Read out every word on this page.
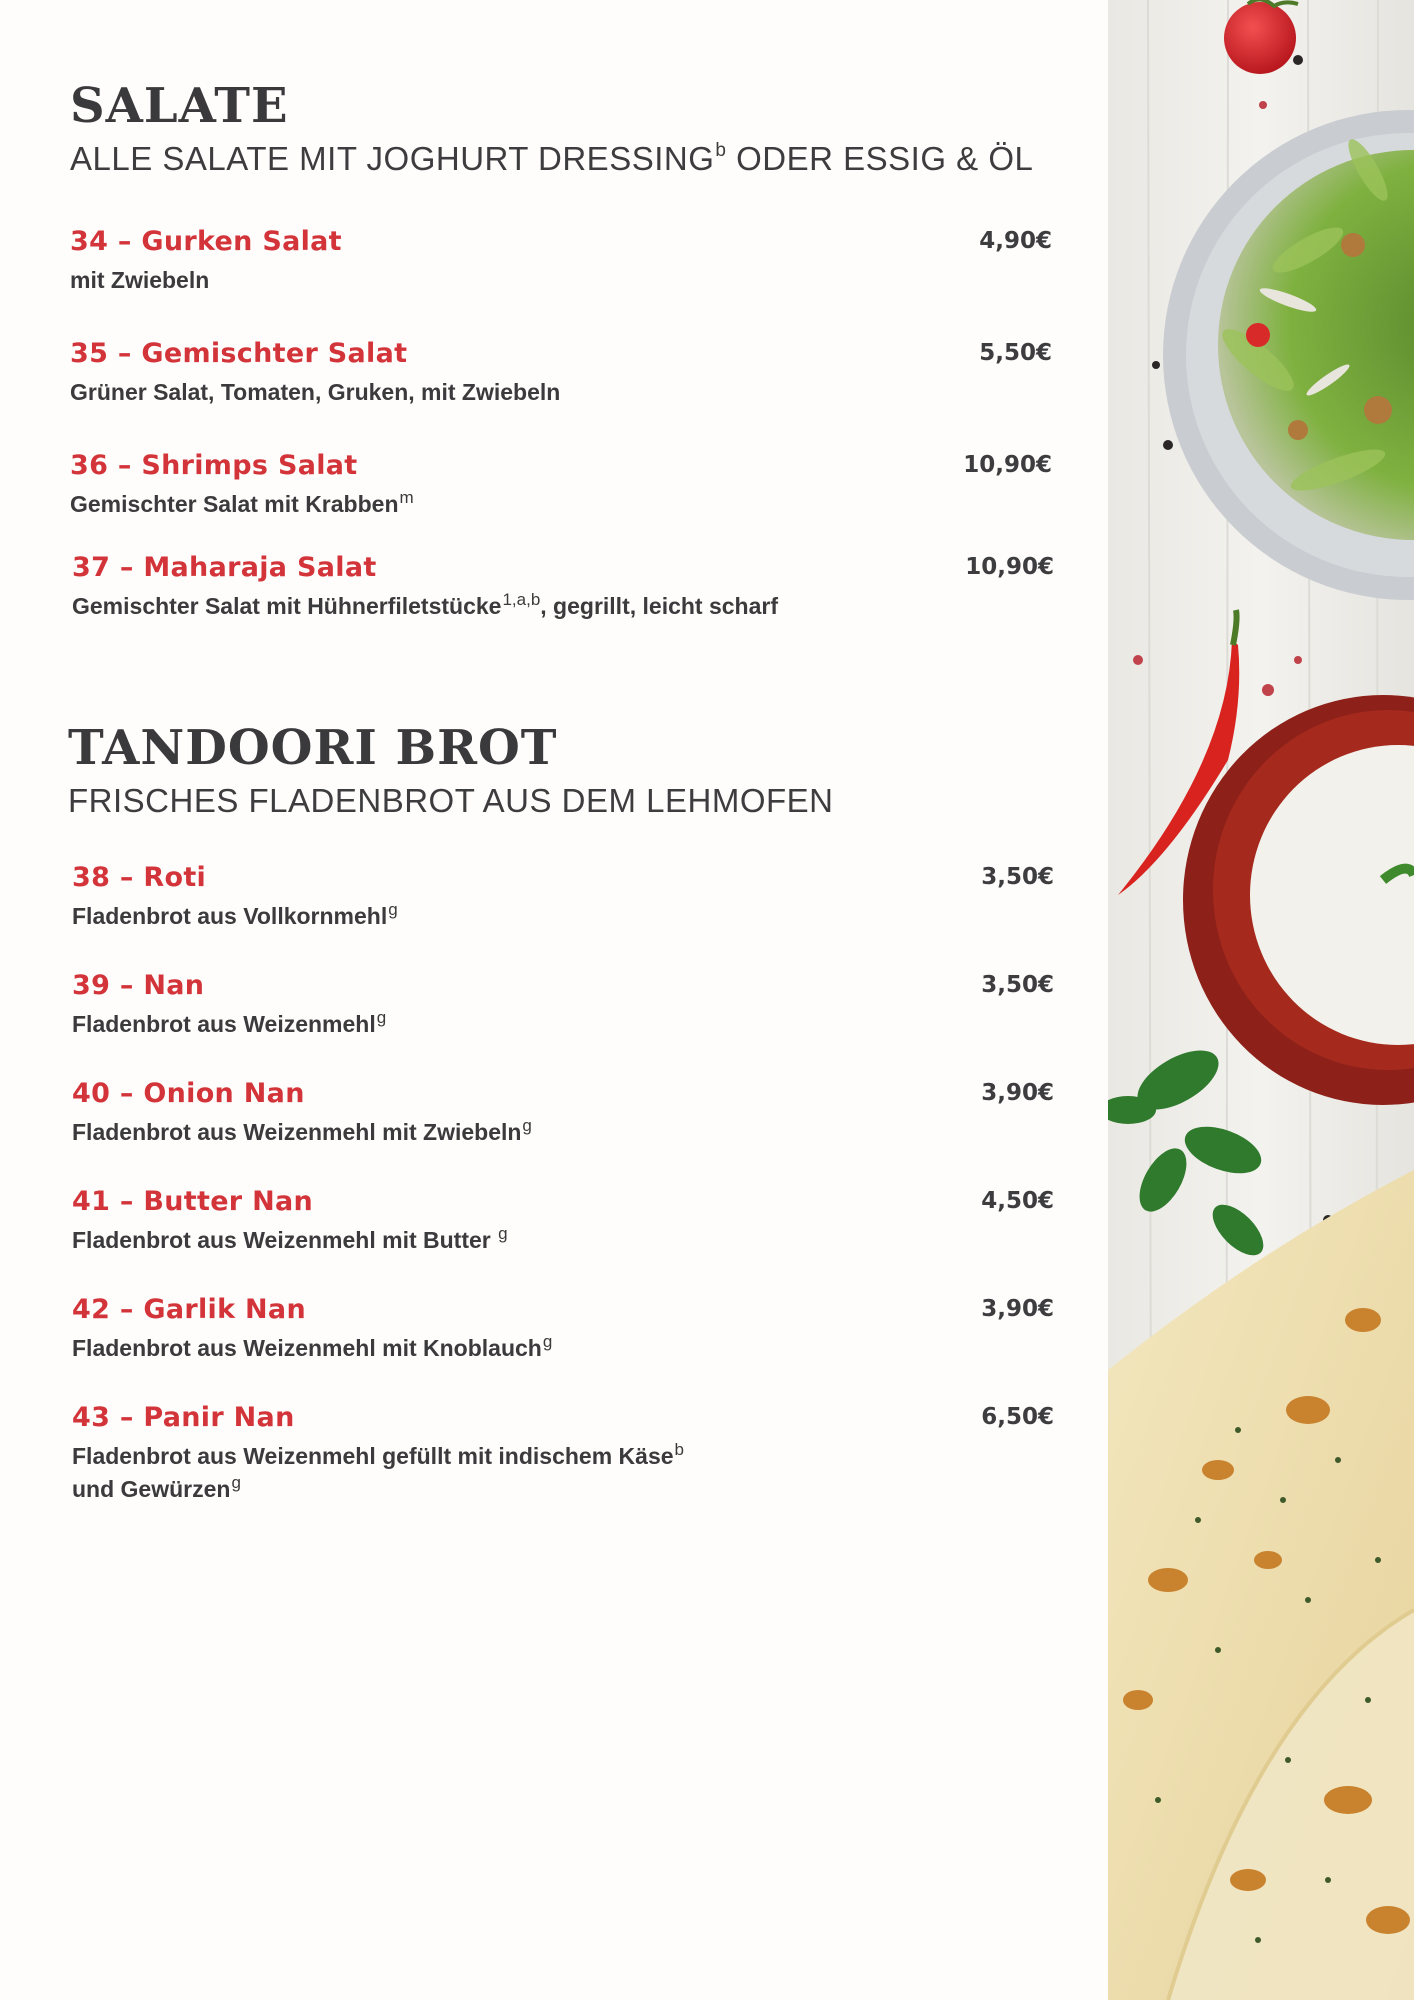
SALATE
ALLE SALATE MIT JOGHURT DRESSING$^b$ ODER ESSIG & ÖL
34 – Gurken Salat	4,90€
mit Zwiebeln
35 – Gemischter Salat	5,50€
Grüner Salat, Tomaten, Gruken, mit Zwiebeln
36 – Shrimps Salat	10,90€
Gemischter Salat mit Krabben$^m$
37 – Maharaja Salat	10,90€
Gemischter Salat mit Hühnerfiletstücke$^{1,a,b}$, gegrillt, leicht scharf
TANDOORI BROT
FRISCHES FLADENBROT AUS DEM LEHMOFEN
38 – Roti	3,50€
Fladenbrot aus Vollkornmehl$^g$
39 – Nan	3,50€
Fladenbrot aus Weizenmehl$^g$
40 – Onion Nan	3,90€
Fladenbrot aus Weizenmehl mit Zwiebeln$^g$
41 – Butter Nan	4,50€
Fladenbrot aus Weizenmehl mit Butter $^g$
42 – Garlik Nan	3,90€
Fladenbrot aus Weizenmehl mit Knoblauch$^g$
43 – Panir Nan	6,50€
Fladenbrot aus Weizenmehl gefüllt mit indischem Käse$^b$
und Gewürzen$^g$
